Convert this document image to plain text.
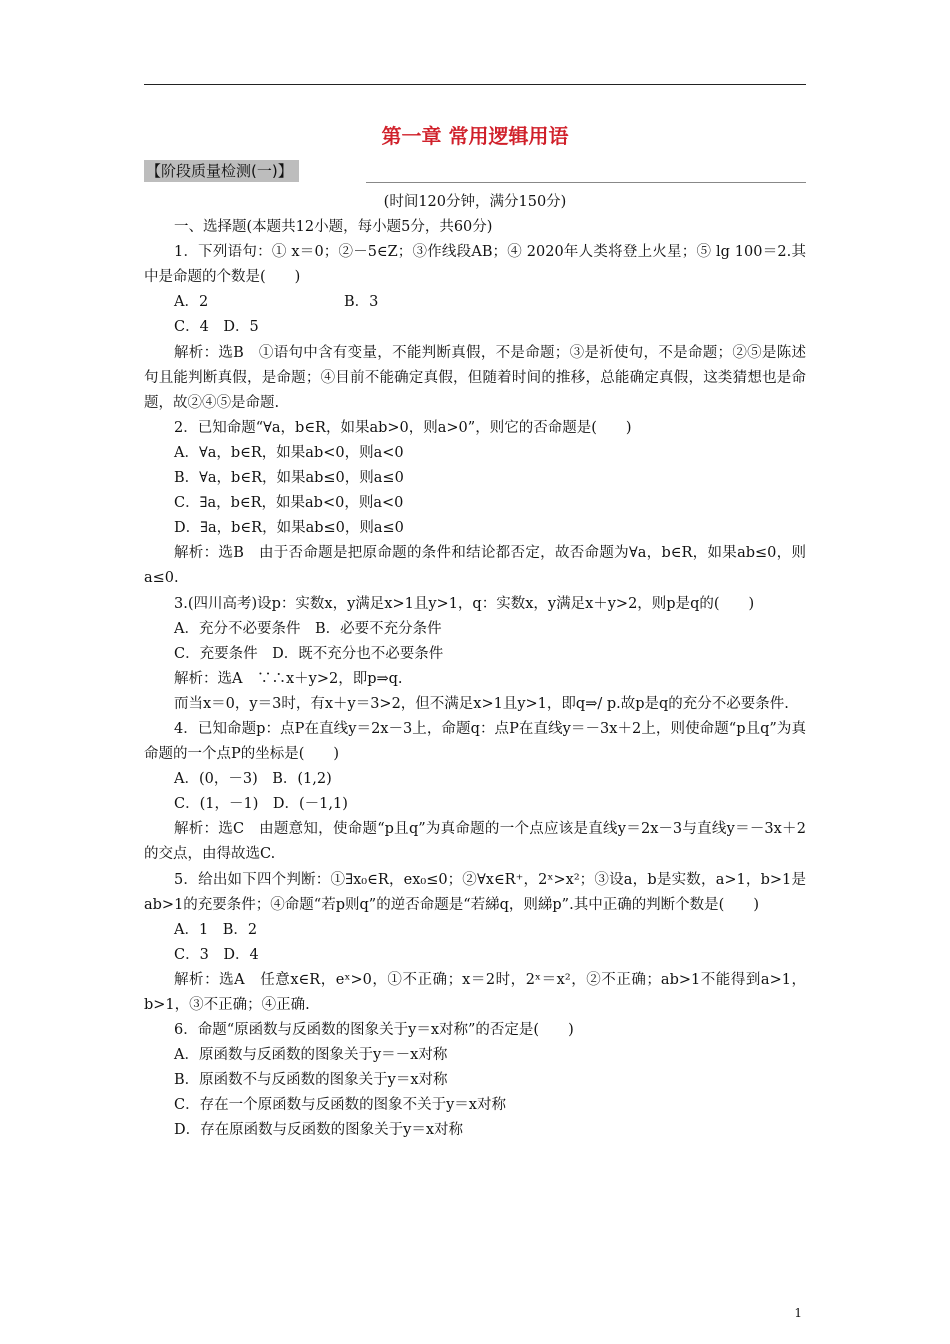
第一章 常用逻辑用语
【阶段质量检测(一)】

(时间120分钟，满分150分)

一、选择题(本题共12小题，每小题5分，共60分)

1．下列语句：① x＝0；②－5∈Z；③作线段AB；④ 2020年人类将登上火星；⑤ lg 100＝2.其中是命题的个数是(　　)

A．2	B．3

C．4　D．5

解析：选B　①语句中含有变量，不能判断真假，不是命题；③是祈使句，不是命题；②⑤是陈述句且能判断真假，是命题；④目前不能确定真假，但随着时间的推移，总能确定真假，这类猜想也是命题，故②④⑤是命题.

2．已知命题“∀a，b∈R，如果ab>0，则a>0”，则它的否命题是(　　)

A．∀a，b∈R，如果ab<0，则a<0

B．∀a，b∈R，如果ab≤0，则a≤0

C．∃a，b∈R，如果ab<0，则a<0

D．∃a，b∈R，如果ab≤0，则a≤0

解析：选B　由于否命题是把原命题的条件和结论都否定，故否命题为∀a，b∈R，如果ab≤0，则a≤0.

3.(四川高考)设p：实数x，y满足x>1且y>1，q：实数x，y满足x＋y>2，则p是q的(　　)

A．充分不必要条件　B．必要不充分条件

C．充要条件　D．既不充分也不必要条件

解析：选A　∵∴x＋y>2，即p⇒q.

而当x＝0，y＝3时，有x＋y＝3>2，但不满足x>1且y>1，即q⇒/ p.故p是q的充分不必要条件.

4．已知命题p：点P在直线y＝2x－3上，命题q：点P在直线y＝－3x＋2上，则使命题“p且q”为真命题的一个点P的坐标是(　　)

A．(0，－3)　B．(1,2)

C．(1，－1)　D．(－1,1)

解析：选C　由题意知，使命题“p且q”为真命题的一个点应该是直线y＝2x－3与直线y＝－3x＋2的交点，由得故选C.

5．给出如下四个判断：①∃x₀∈R，ex₀≤0；②∀x∈R⁺，2ˣ>x²；③设a，b是实数，a>1，b>1是ab>1的充要条件；④命题“若p则q”的逆否命题是“若綈q，则綈p”.其中正确的判断个数是(　　)

A．1　B．2

C．3　D．4

解析：选A　任意x∈R，eˣ>0，①不正确；x＝2时，2ˣ＝x²，②不正确；ab>1不能得到a>1，b>1，③不正确；④正确.

6．命题“原函数与反函数的图象关于y＝x对称”的否定是(　　)

A．原函数与反函数的图象关于y＝－x对称

B．原函数不与反函数的图象关于y＝x对称

C．存在一个原函数与反函数的图象不关于y＝x对称

D．存在原函数与反函数的图象关于y＝x对称

1
